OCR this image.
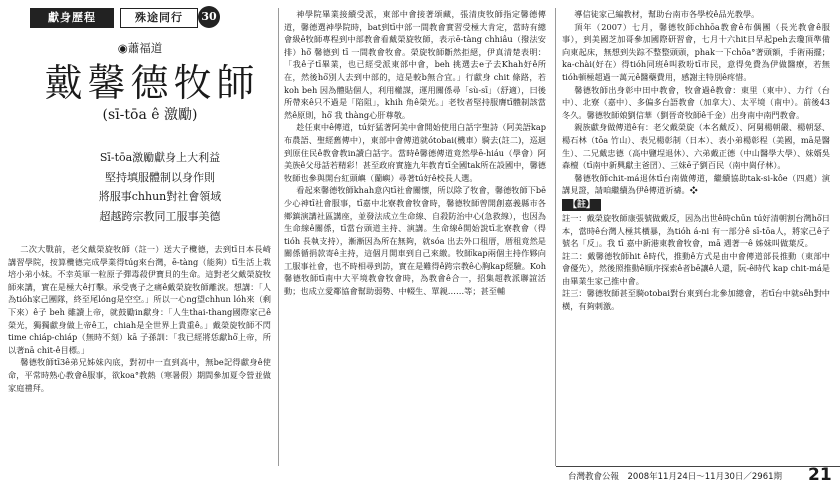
獻身歷程	殊途同行	30
◉蕭福道
戴馨德牧師
(sī-tōa ê 激勵)
Sī-tōa激勵獻身上大利益
堅持填服體制以身作則
將服事chhun對社會領域
超越跨宗教同工服事美德

二次大戰前，老父戴榮旋牧師（註一）送大子欖德，去到tī日本長崎講習學院，按算欖德完成學業得túg來台灣，ē-tàng（能夠）tī生活上栽培小弟小妹。不幸英軍一粒原子彈毒殺伊寶貝的生命。這對老父戴榮旋牧師來講，實在是極大ê打擊。承受喪子之痛ê戴榮旋牧師離淚。想講：「人為tióh家己團隊，終至尾lóng是空空。」所以一心ng望chhun lóh來（剩下來）ê子 beh 雖讀上帝，就鼓勵in獻身：「人生thai-thang國際家己ê榮光，獨獨獻身做上帝ê工，chiah是全世界上貴重ê。」戴榮旋牧師不閃time chiáp-chiáp（無時不刻）kā 子孫訓：「我已經將恁獻hō͘上帝，所以著nā chit-ê目標。」

馨德牧師tī3ê弟兄姊妹內底，對初中一直到高中，無be記得獻身ê使命，平常時熟心教會ê服事，欲koa°教熱（寒暑假）期間參加夏令營並做家庭禮拜。

神學院畢業接續受派，東部中會接著頌藏，張清庚牧師指定馨德傳道，馨德選神學院時，bat到tī中部一間教會實習受極大肯定，當時有總會級ê牧師專程到中部教會看戴榮旋牧師，表示ē-tàng chhiâu（撥法安排）hō͘ 馨德到 tī 一間教會牧會。榮旋牧師斷然拒絕，伊真清楚表明：「我ê子tī畢業，也已經受派東部中會，beh 挑選去e子去Khah好ê所在，然後hō͘別人去到中部的，這是較b無合宜。」行獻身 chit 條路，若 koh beh 因為體貼個人，利用權謀，運用關係尋「sù-sī」（舒適），曰後所帶來ê只不過是「陷阻」，khih 角ê榮光。」老牧者堅持服膺tī體制該當然ê原則，hō͘ 我 thàng心肝尊敬。

趁任東中ê傳道，tú好猛著阿美中會開始使用白話字聖詩（阿美語kap布農語、聖經舊傳中），東部中會傳道就ótobai(機車）騎去(註二)，巡迴到原住民ê教會教in讀白話字。當時ê馨德傳道竟然學ē-hiáu（學會）阿美族ê父母話若精彩！甚至政府實施九年教育tī全國tak所在設國中，馨德牧師也參與開台紅頭嶼（蘭嶼）尋著tú好ê校長人選。

看起來馨德牧師khah意內tī社會關懷，所以除了牧會，馨德牧師下bē少心神tī社會服事，tī嘉中北寮教會牧會時，馨德牧師曾開創嘉義縣市各鄉鎮演講社區講座，並發法成立生命線、自殺防治中心(急救線），也因為生命線ê關係，tī當台頭道主持、演講。生命線ê開始說tī北寮教會（得tióh 長執支持），漸漸因為所在無夠，就sóa 出去外口租厝，厝租竟然是關係循捐款寄ê主持，這個月開車到自己來繳。牧師kap兩個主持作夥向工服事社會，也不時相尋到訪，實在是難得ê跨宗教ê心胸kap經驗。Koh馨德牧師tī南中大平境教會牧會時，為教會ê合一，招集超教派聯誼活動；也成立愛鄰協會幫助弱勢、中輟生、單親……等；甚至輔

導信徒家己編教材，幫助台南市各學校ê品光教學。

頂年（2007）七月，馨德牧師chhōa教會ê布偶團（長光教會ê服事），到美國芝加哥參加國際研習會，七月十六hit日早起peh去瓊頂準備向東起床，無想到失踪不整整頭頭，phak一下chōa°著頭額，手術兩擺；ka-chài(好在）得tióh同班ê叫救吩tī市民，意得免費為伊做醫療，若無tióh頓極超過一萬元ê醫藥費用，感謝主特別ê疼惜。

馨德牧師出身彰中田中教會，牧會過ê教會：東里（東中）、力行（台中）、北寮（嘉中）、多偏多台語教會（加拿大）、太平境（南中）。前後43冬久。馨德牧師娘劉信華（劉晉奇牧師ê千金）出身南中南門教會。

親族獻身做傳道ê有：老父戴榮旋（本名戴反）、阿舅楊朝嚴、楊朝瑟、楊石林（tōa 竹山）、表兄楊彰制（日本）、表小弟楊彰程（美國，mā是醫生）、二兄戴忠德（高中鹽埕退休）、六弟戴正德（中山醫學大學）、妹婿吳森檀（tī南中新興獻主爸囝）、三妹ē子劉百民（南中崗仔林）。

馨德牧師chit-má退休tī台南做傳道，繼續協助tak-si-kôe（四處）演講見證，請咱繼續為伊ê傳道祈禱。❖

【註】

註一：戴榮旋牧師康張號做戴反，因為出世ê時chūn tú好清朝割台灣hō͘日本，當時ê台灣人極其橫暴，為tióh á-ni 有一部分ê sī-tōa人，將家己ê子號名「反」。我 tī 嘉中新港東教會牧會，mā 遇著一ê 姊妹叫做葉反。

註二：戴馨德牧師hit ê時代，推動ê方式是由中會傳道部長推動（東部中會優先），然後照推動ê順序探索ê者bē讓ê人還，阮-ê時代 kap chit-má是由畢業生家己推中會。

註三：馨德牧師甚至騎otobai對台東到台北參加總會，若tī台中就sêh對中橫，有夠刺激。

台灣教會公報　2008年11月24日～11月30日／2961期 21
